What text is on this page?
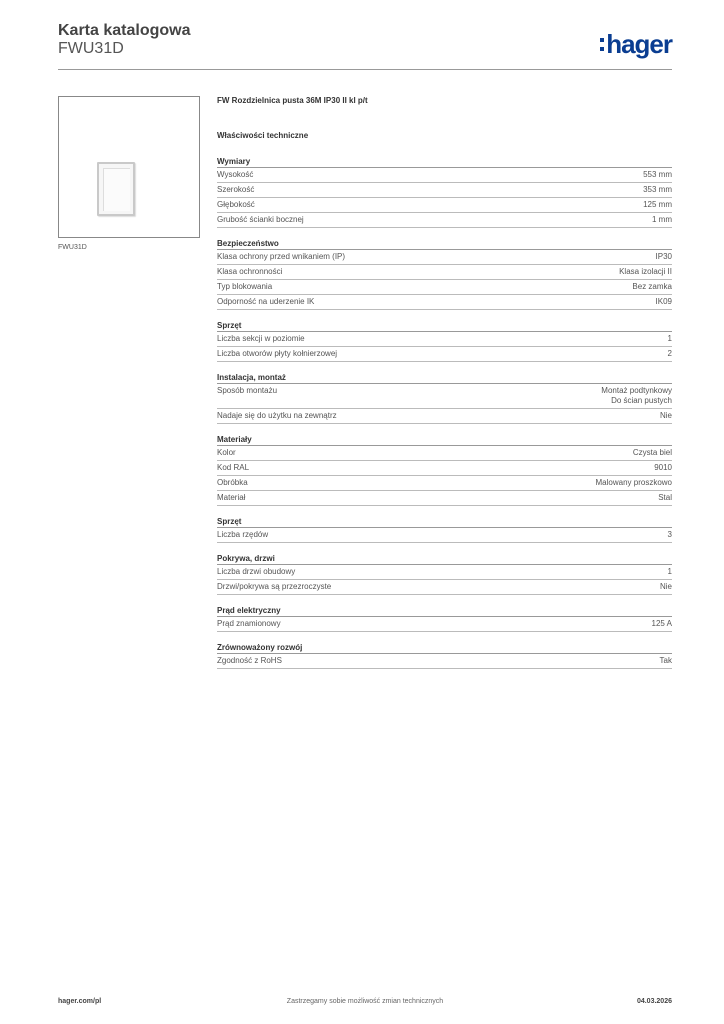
Karta katalogowa
FWU31D	hager
FWU31D
FW Rozdzielnica pusta 36M IP30 II kl p/t
Właściwości techniczne
Wymiary
Wysokość	553 mm
Szerokość	353 mm
Głębokość	125 mm
Grubość ścianki bocznej	1 mm
Bezpieczeństwo
Klasa ochrony przed wnikaniem (IP)	IP30
Klasa ochronności	Klasa izolacji II
Typ blokowania	Bez zamka
Odporność na uderzenie IK	IK09
Sprzęt
Liczba sekcji w poziomie	1
Liczba otworów płyty kołnierzowej	2
Instalacja, montaż
Sposób montażu	Montaż podtynkowy
Do ścian pustych
Nadaje się do użytku na zewnątrz	Nie
Materiały
Kolor	Czysta biel
Kod RAL	9010
Obróbka	Malowany proszkowo
Materiał	Stal
Sprzęt
Liczba rzędów	3
Pokrywa, drzwi
Liczba drzwi obudowy	1
Drzwi/pokrywa są przezroczyste	Nie
Prąd elektryczny
Prąd znamionowy	125 A
Zrównoważony rozwój
Zgodność z RoHS	Tak
hager.com/pl	Zastrzegamy sobie możliwość zmian technicznych	04.03.2026
